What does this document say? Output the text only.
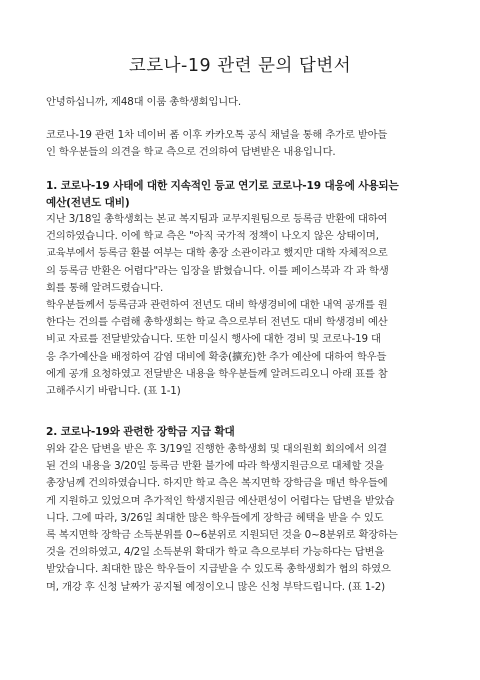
코로나-19 관련 문의 답변서

안녕하십니까, 제48대 이룸 총학생회입니다.

코로나-19 관련 1차 네이버 폼 이후 카카오톡 공식 채널을 통해 추가로 받아들
인 학우분들의 의견을 학교 측으로 건의하여 답변받은 내용입니다.

1. 코로나-19 사태에 대한 지속적인 등교 연기로 코로나-19 대응에 사용되는
예산(전년도 대비)

지난 3/18일 총학생회는 본교 복지팀과 교무지원팀으로 등록금 반환에 대하여
건의하였습니다. 이에 학교 측은 "아직 국가적 정책이 나오지 않은 상태이며,
교육부에서 등록금 환불 여부는 대학 총장 소관이라고 했지만 대학 자체적으로
의 등록금 반환은 어렵다"라는 입장을 밝혔습니다. 이를 페이스북과 각 과 학생
회를 통해 알려드렸습니다.
학우분들께서 등록금과 관련하여 전년도 대비 학생경비에 대한 내역 공개를 원
한다는 건의를 수렴해 총학생회는 학교 측으로부터 전년도 대비 학생경비 예산
비교 자료를 전달받았습니다. 또한 미실시 행사에 대한 경비 및 코로나-19 대
응 추가예산을 배정하여 감염 대비에 확충(擴充)한 추가 예산에 대하여 학우들
에게 공개 요청하였고 전달받은 내용을 학우분들께 알려드리오니 아래 표를 참
고해주시기 바랍니다. (표 1-1)

2. 코로나-19와 관련한 장학금 지급 확대

위와 같은 답변을 받은 후 3/19일 진행한 총학생회 및 대의원회 회의에서 의결
된 건의 내용을 3/20일 등록금 반환 불가에 따라 학생지원금으로 대체할 것을
총장님께 건의하였습니다. 하지만 학교 측은 복지면학 장학금을 매년 학우들에
게 지원하고 있었으며 추가적인 학생지원금 예산편성이 어렵다는 답변을 받았습
니다. 그에 따라, 3/26일 최대한 많은 학우들에게 장학금 혜택을 받을 수 있도
록 복지면학 장학금 소득분위를 0~6분위로 지원되던 것을 0~8분위로 확장하는
것을 건의하였고, 4/2일 소득분위 확대가 학교 측으로부터 가능하다는 답변을
받았습니다. 최대한 많은 학우들이 지급받을 수 있도록 총학생회가 협의 하였으
며, 개강 후 신청 날짜가 공지될 예정이오니 많은 신청 부탁드립니다. (표 1-2)
